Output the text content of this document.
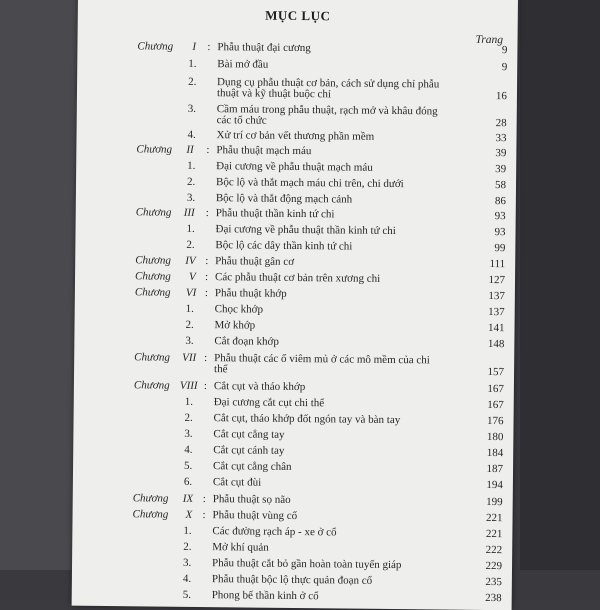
MỤC LỤC
Trang
Chương I : Phẫu thuật đại cương	9
1. Bài mở đầu	9
2. Dụng cụ phẫu thuật cơ bản, cách sử dụng chỉ phẫu
thuật và kỹ thuật buộc chỉ	16
3. Cầm máu trong phẫu thuật, rạch mở và khâu đóng
các tổ chức	28
4. Xử trí cơ bản vết thương phần mềm	33
Chương II : Phẫu thuật mạch máu	39
1. Đại cương về phẫu thuật mạch máu	39
2. Bộc lộ và thắt mạch máu chi trên, chi dưới	58
3. Bộc lộ và thắt động mạch cảnh	86
Chương III : Phẫu thuật thần kinh tứ chi	93
1. Đại cương về phẫu thuật thần kinh tứ chi	93
2. Bộc lộ các dây thần kinh tứ chi	99
Chương IV : Phẫu thuật gân cơ	111
Chương V : Các phẫu thuật cơ bản trên xương chi	127
Chương VI : Phẫu thuật khớp	137
1. Chọc khớp	137
2. Mở khớp	141
3. Cắt đoạn khớp	148
Chương VII : Phẫu thuật các ổ viêm mủ ở các mô mềm của chi
thể	157
Chương VIII : Cắt cụt và tháo khớp	167
1. Đại cương cắt cụt chi thể	167
2. Cắt cụt, tháo khớp đốt ngón tay và bàn tay	176
3. Cắt cụt cẳng tay	180
4. Cắt cụt cánh tay	184
5. Cắt cụt cẳng chân	187
6. Cắt cụt đùi	194
Chương IX : Phẫu thuật sọ não	199
Chương X : Phẫu thuật vùng cổ	221
1. Các đường rạch áp - xe ở cổ	221
2. Mở khí quản	222
3. Phẫu thuật cắt bỏ gần hoàn toàn tuyến giáp	229
4. Phẫu thuật bộc lộ thực quản đoạn cổ	235
5. Phong bế thần kinh ở cổ	238
